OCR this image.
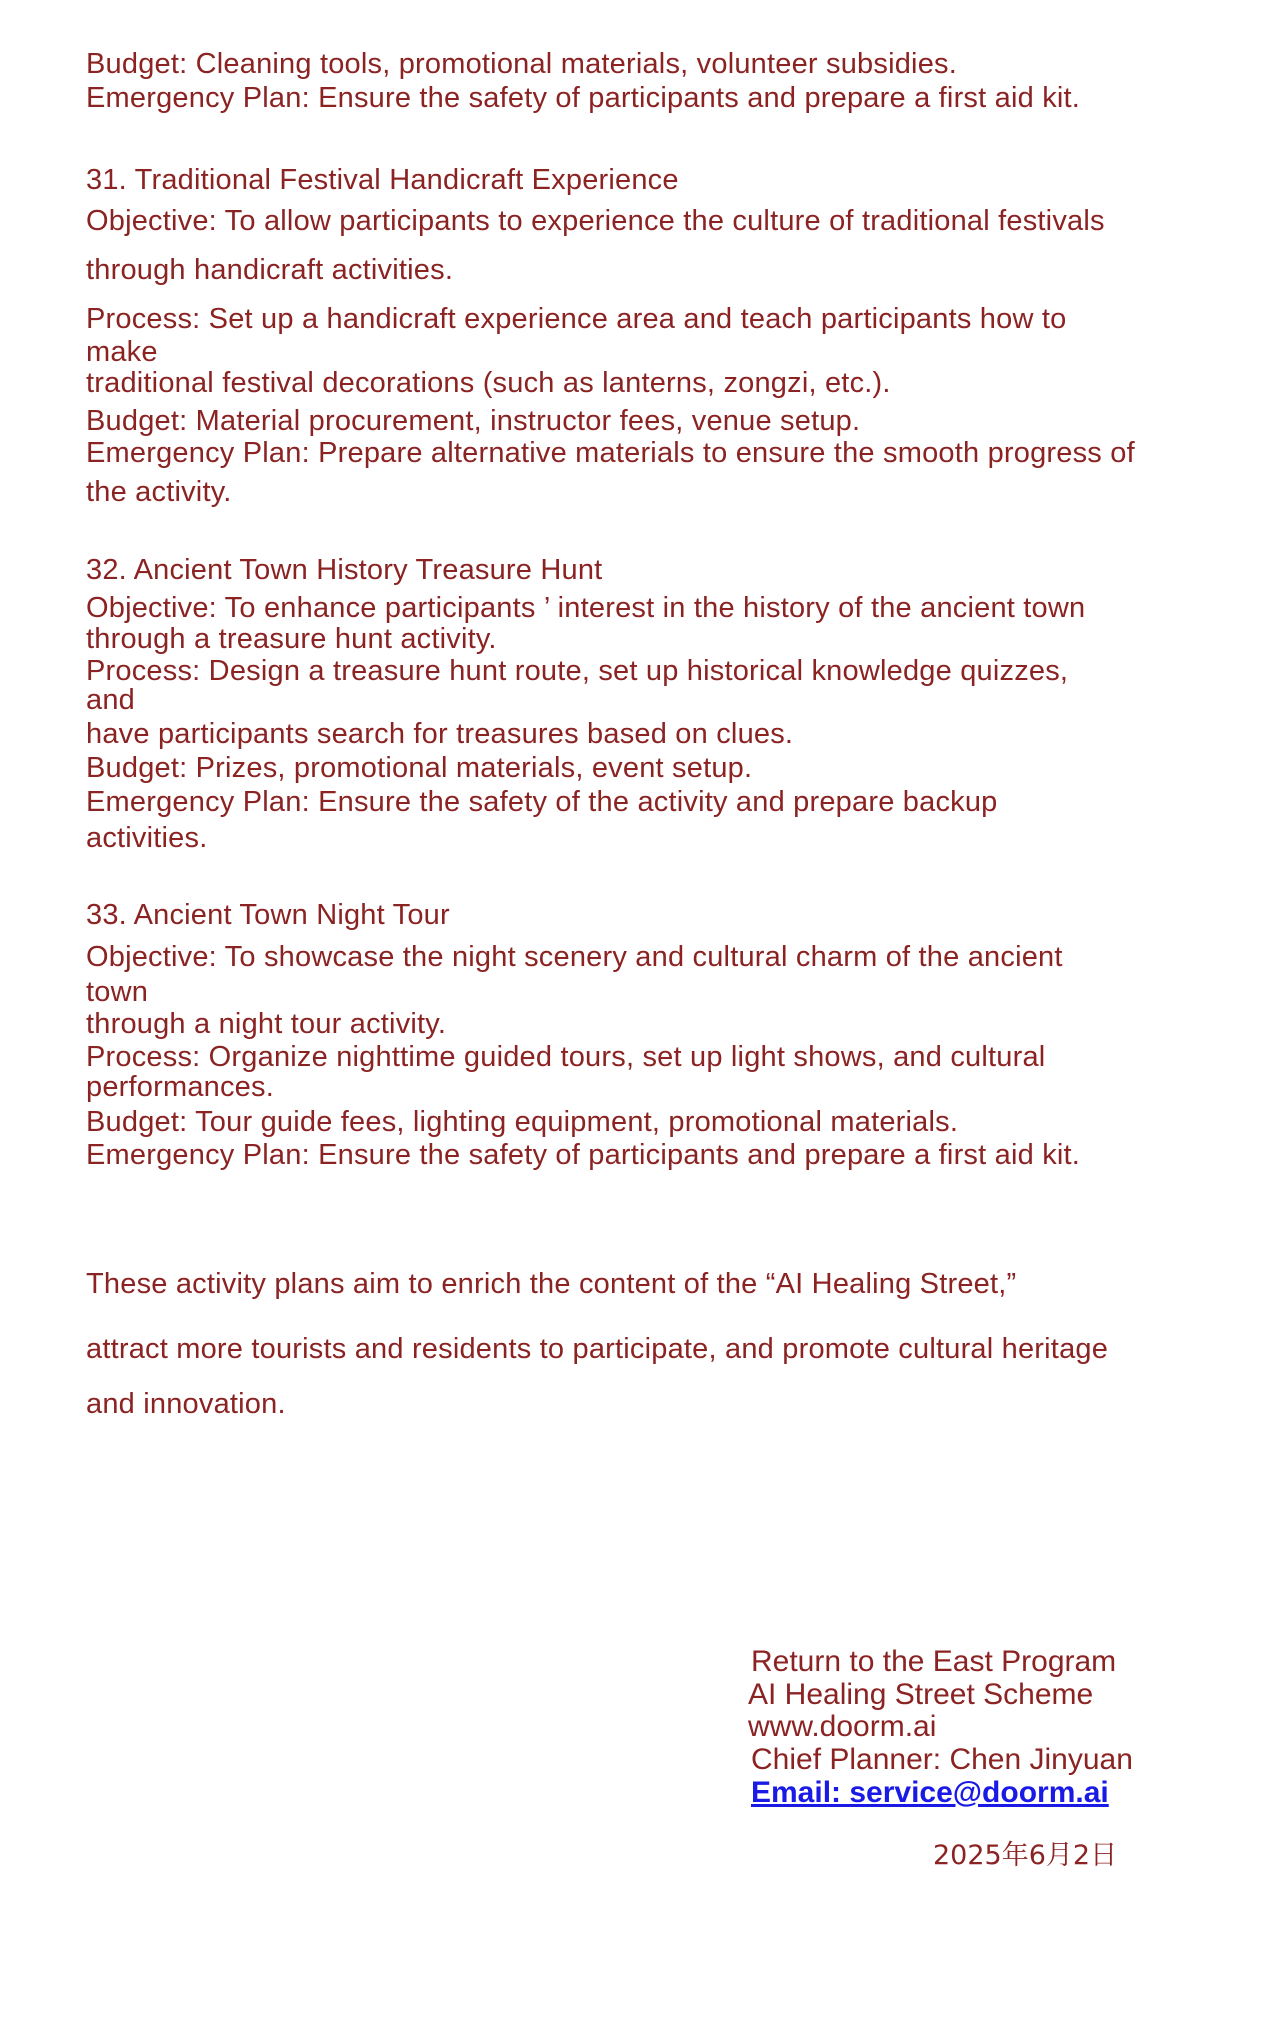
Budget: Cleaning tools, promotional materials, volunteer subsidies.
Emergency Plan: Ensure the safety of participants and prepare a first aid kit.
31. Traditional Festival Handicraft Experience
Objective: To allow participants to experience the culture of traditional festivals
through handicraft activities.
Process: Set up a handicraft experience area and teach participants how to
make
traditional festival decorations (such as lanterns, zongzi, etc.).
Budget: Material procurement, instructor fees, venue setup.
Emergency Plan: Prepare alternative materials to ensure the smooth progress of
the activity.
32. Ancient Town History Treasure Hunt
Objective: To enhance participants ’ interest in the history of the ancient town
through a treasure hunt activity.
Process: Design a treasure hunt route, set up historical knowledge quizzes,
and
have participants search for treasures based on clues.
Budget: Prizes, promotional materials, event setup.
Emergency Plan: Ensure the safety of the activity and prepare backup
activities.
33. Ancient Town Night Tour
Objective: To showcase the night scenery and cultural charm of the ancient
town
through a night tour activity.
Process: Organize nighttime guided tours, set up light shows, and cultural
performances.
Budget: Tour guide fees, lighting equipment, promotional materials.
Emergency Plan: Ensure the safety of participants and prepare a first aid kit.
These activity plans aim to enrich the content of the “AI Healing Street,”
attract more tourists and residents to participate, and promote cultural heritage
and innovation.
Return to the East Program
AI Healing Street Scheme
www.doorm.ai
Chief Planner: Chen Jinyuan
Email: service@doorm.ai
2025年6月2日
